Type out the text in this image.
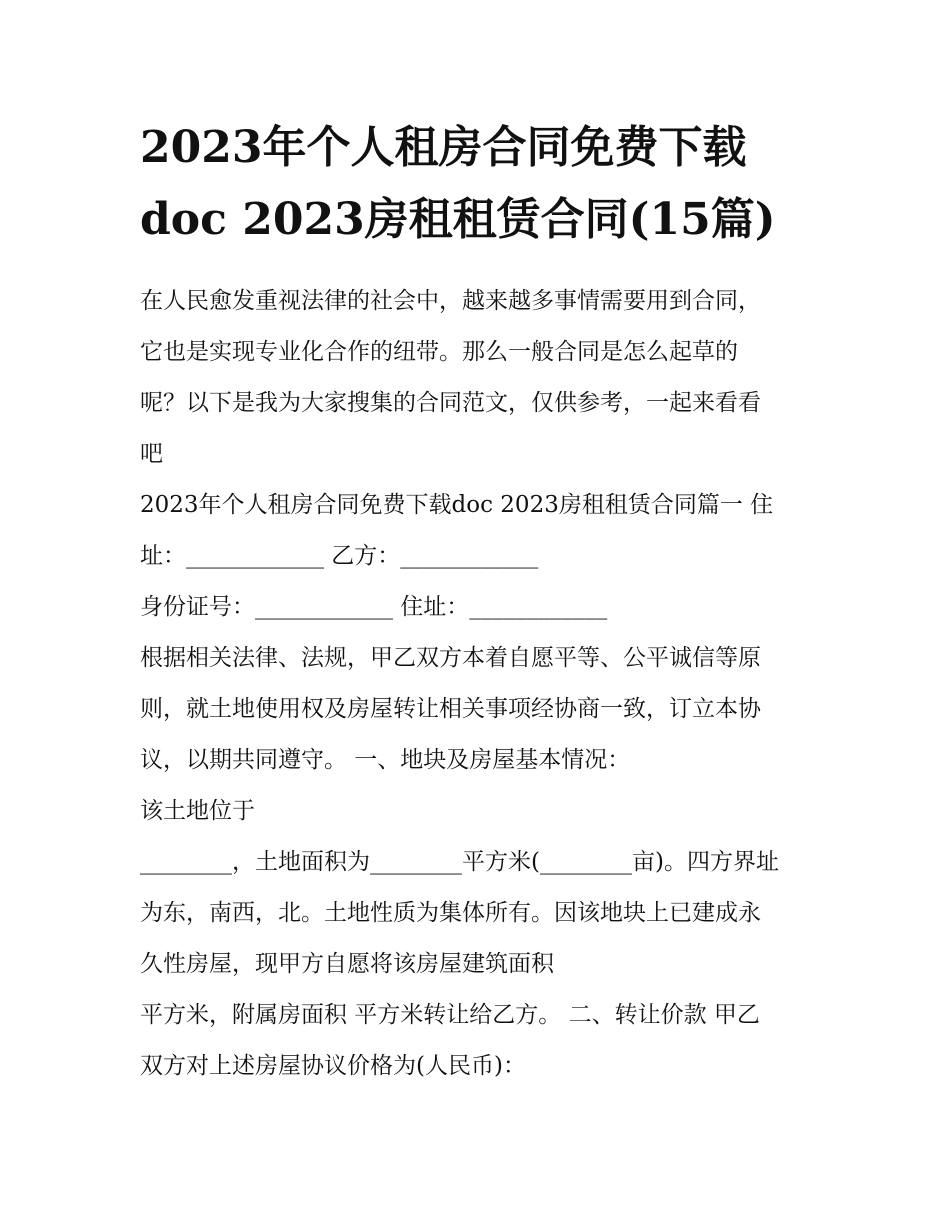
2023年个人租房合同免费下载
doc 2023房租租赁合同(15篇)
在人民愈发重视法律的社会中，越来越多事情需要用到合同，
它也是实现专业化合作的纽带。那么一般合同是怎么起草的
呢？以下是我为大家搜集的合同范文，仅供参考，一起来看看
吧
2023年个人租房合同免费下载doc 2023房租租赁合同篇一 住
址：____________ 乙方：____________
身份证号：____________ 住址：____________
根据相关法律、法规，甲乙双方本着自愿平等、公平诚信等原
则，就土地使用权及房屋转让相关事项经协商一致，订立本协
议，以期共同遵守。 一、地块及房屋基本情况：
该土地位于
________，土地面积为________平方米(________亩)。四方界址
为东，南西，北。土地性质为集体所有。因该地块上已建成永
久性房屋，现甲方自愿将该房屋建筑面积
平方米，附属房面积 平方米转让给乙方。 二、转让价款 甲乙
双方对上述房屋协议价格为(人民币)：
